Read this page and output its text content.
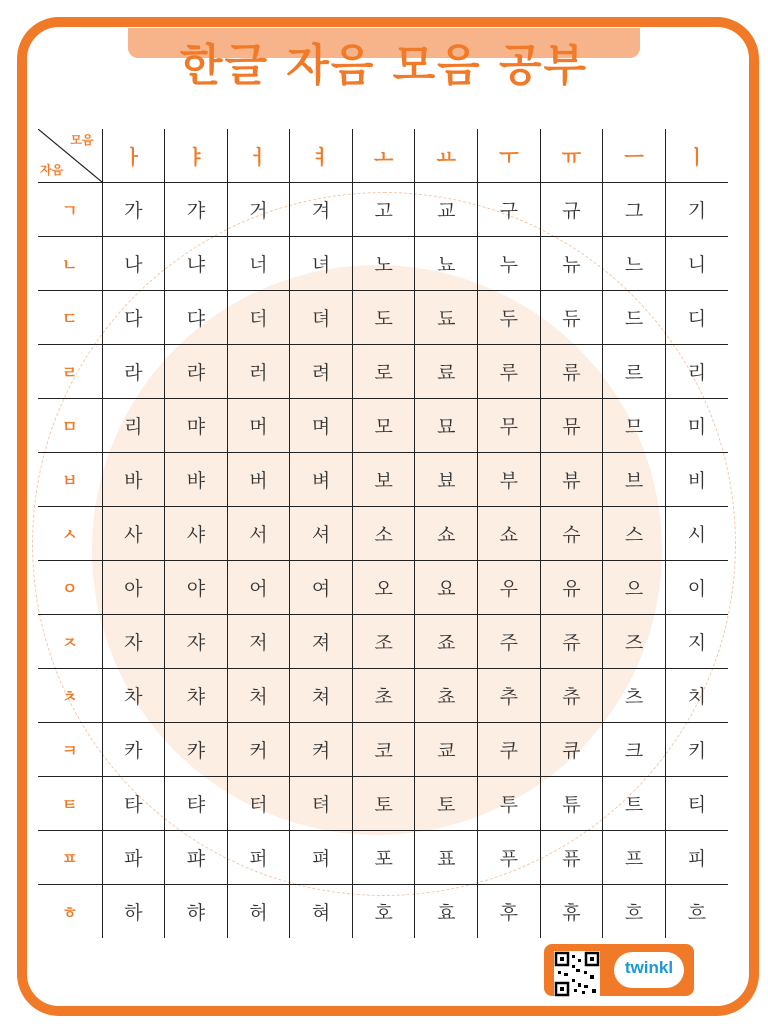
한글 자음 모음 공부
모음
자음	ㅏ	ㅑ	ㅓ	ㅕ	ㅗ	ㅛ	ㅜ	ㅠ	ㅡ	ㅣ
ㄱ	가	갸	거	겨	고	교	구	규	그	기
ㄴ	나	냐	너	녀	노	뇨	누	뉴	느	니
ㄷ	다	댜	더	뎌	도	됴	두	듀	드	디
ㄹ	라	랴	러	려	로	료	루	류	르	리
ㅁ	리	먀	머	며	모	묘	무	뮤	므	미
ㅂ	바	뱌	버	벼	보	뵤	부	뷰	브	비
ㅅ	사	샤	서	셔	소	쇼	쇼	슈	스	시
ㅇ	아	야	어	여	오	요	우	유	으	이
ㅈ	자	쟈	저	져	조	죠	주	쥬	즈	지
ㅊ	차	챠	처	쳐	초	쵸	추	츄	츠	치
ㅋ	카	캬	커	켜	코	쿄	쿠	큐	크	키
ㅌ	타	탸	터	텨	토	토	투	튜	트	티
ㅍ	파	퍄	퍼	펴	포	표	푸	퓨	프	피
ㅎ	하	햐	허	혀	호	효	후	휴	흐	흐
twinkl
